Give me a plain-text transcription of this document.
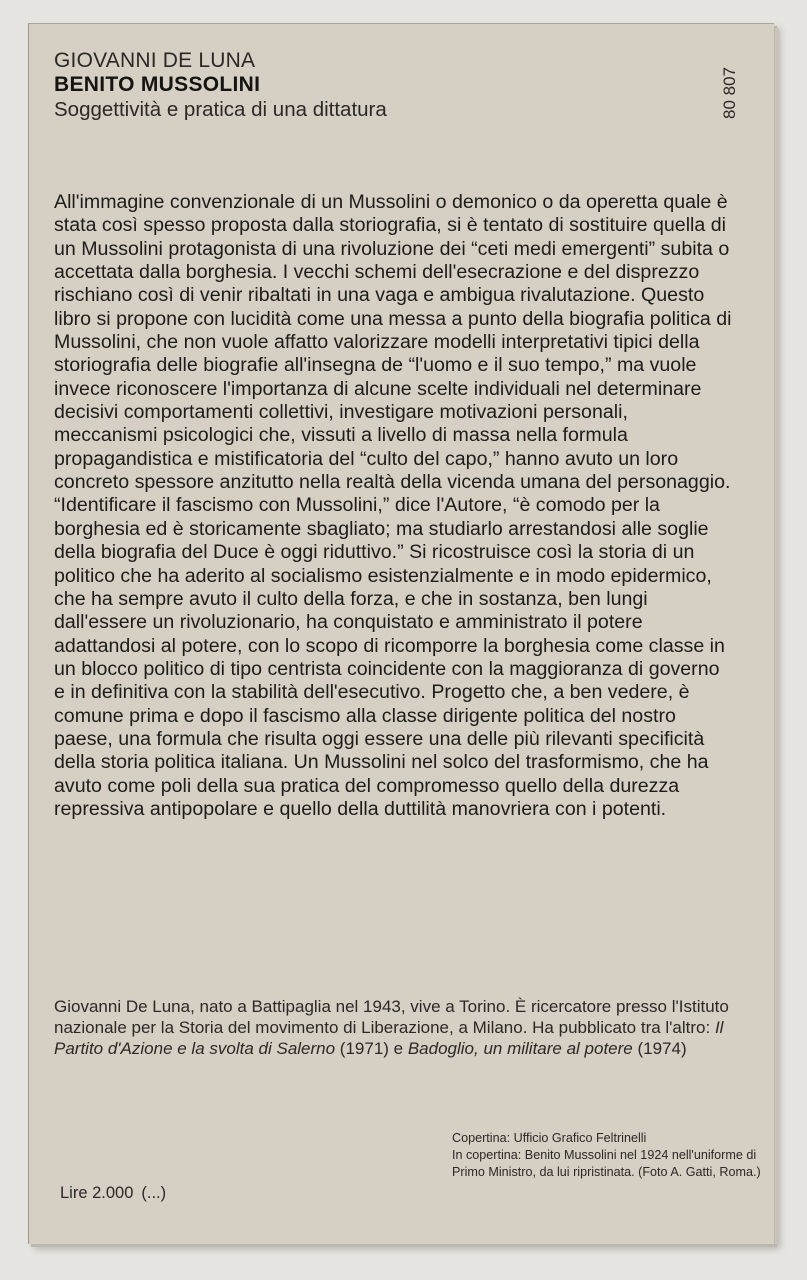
GIOVANNI DE LUNA
BENITO MUSSOLINI
Soggettività e pratica di una dittatura	80 807

All'immagine convenzionale di un Mussolini o demonico o da operetta quale è stata così spesso proposta dalla storiografia, si è tentato di sostituire quella di un Mussolini protagonista di una rivoluzione dei “ceti medi emergenti” subita o accettata dalla borghesia. I vecchi schemi dell'esecrazione e del disprezzo rischiano così di venir ribaltati in una vaga e ambigua rivalutazione. Questo libro si propone con lucidità come una messa a punto della biografia politica di Mussolini, che non vuole affatto valorizzare modelli interpretativi tipici della storiografia delle biografie all'insegna de “l'uomo e il suo tempo,” ma vuole invece riconoscere l'importanza di alcune scelte individuali nel determinare decisivi comportamenti collettivi, investigare motivazioni personali, meccanismi psicologici che, vissuti a livello di massa nella formula propagandistica e mistificatoria del “culto del capo,” hanno avuto un loro concreto spessore anzitutto nella realtà della vicenda umana del personaggio. “Identificare il fascismo con Mussolini,” dice l'Autore, “è comodo per la borghesia ed è storicamente sbagliato; ma studiarlo arrestandosi alle soglie della biografia del Duce è oggi riduttivo.” Si ricostruisce così la storia di un politico che ha aderito al socialismo esistenzialmente e in modo epidermico, che ha sempre avuto il culto della forza, e che in sostanza, ben lungi dall'essere un rivoluzionario, ha conquistato e amministrato il potere adattandosi al potere, con lo scopo di ricomporre la borghesia come classe in un blocco politico di tipo centrista coincidente con la maggioranza di governo e in definitiva con la stabilità dell'esecutivo. Progetto che, a ben vedere, è comune prima e dopo il fascismo alla classe dirigente politica del nostro paese, una formula che risulta oggi essere una delle più rilevanti specificità della storia politica italiana. Un Mussolini nel solco del trasformismo, che ha avuto come poli della sua pratica del compromesso quello della durezza repressiva antipopolare e quello della duttilità manovriera con i potenti.

Giovanni De Luna, nato a Battipaglia nel 1943, vive a Torino. È ricercatore presso l'Istituto nazionale per la Storia del movimento di Liberazione, a Milano. Ha pubblicato tra l'altro: Il Partito d'Azione e la svolta di Salerno (1971) e Badoglio, un militare al potere (1974)

Copertina: Ufficio Grafico Feltrinelli
In copertina: Benito Mussolini nel 1924 nell'uniforme di Primo Ministro, da lui ripristinata. (Foto A. Gatti, Roma.)

Lire 2.000 (...)
